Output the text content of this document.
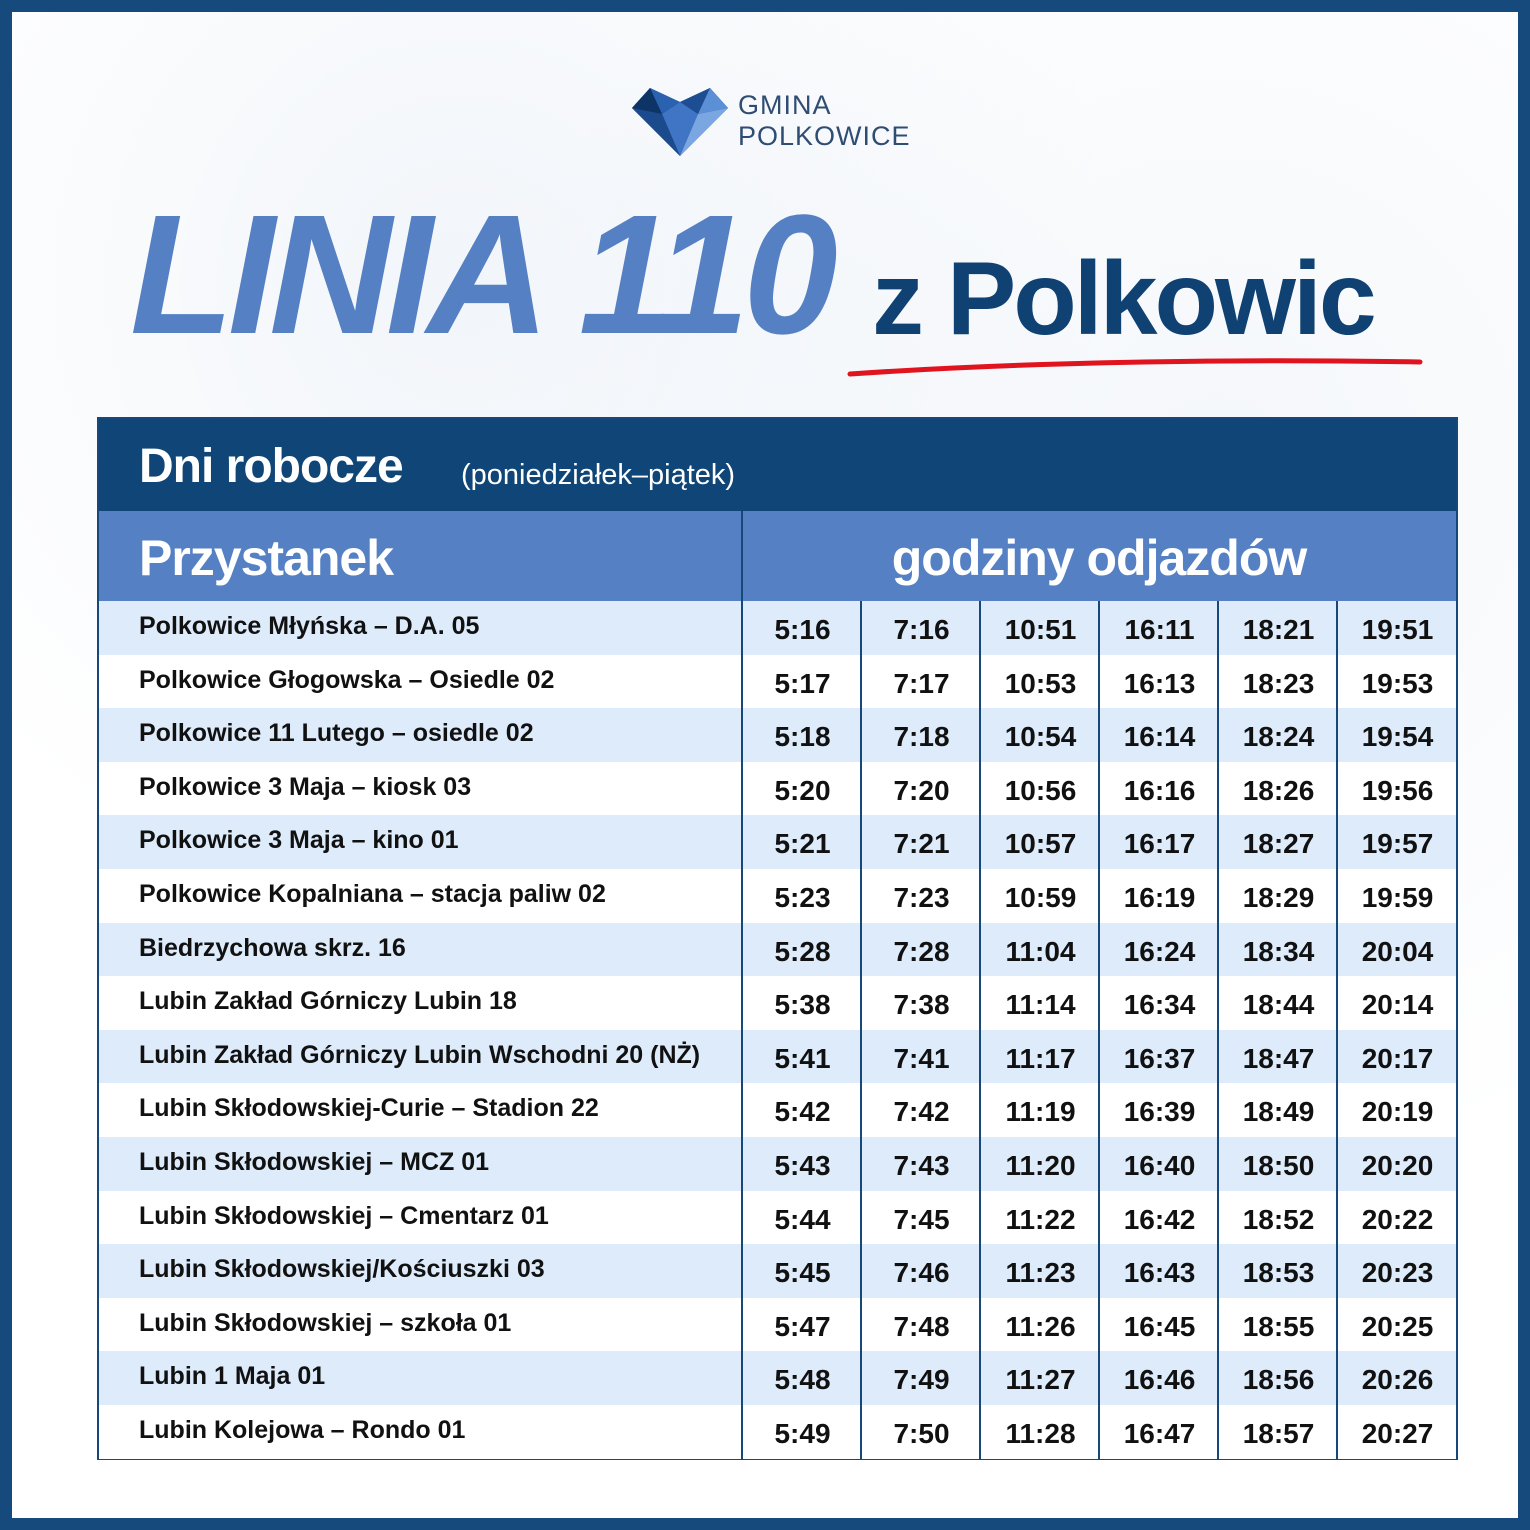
GMINA
POLKOWICE
LINIA 110 z Polkowic
Dni robocze (poniedziałek–piątek)
Przystanek	godziny odjazdów
Polkowice Młyńska – D.A. 05	5:16	7:16	10:51	16:11	18:21	19:51
Polkowice Głogowska – Osiedle 02	5:17	7:17	10:53	16:13	18:23	19:53
Polkowice 11 Lutego – osiedle 02	5:18	7:18	10:54	16:14	18:24	19:54
Polkowice 3 Maja – kiosk 03	5:20	7:20	10:56	16:16	18:26	19:56
Polkowice 3 Maja – kino 01	5:21	7:21	10:57	16:17	18:27	19:57
Polkowice Kopalniana – stacja paliw 02	5:23	7:23	10:59	16:19	18:29	19:59
Biedrzychowa skrz. 16	5:28	7:28	11:04	16:24	18:34	20:04
Lubin Zakład Górniczy Lubin 18	5:38	7:38	11:14	16:34	18:44	20:14
Lubin Zakład Górniczy Lubin Wschodni 20 (NŻ)	5:41	7:41	11:17	16:37	18:47	20:17
Lubin Skłodowskiej-Curie – Stadion 22	5:42	7:42	11:19	16:39	18:49	20:19
Lubin Skłodowskiej – MCZ 01	5:43	7:43	11:20	16:40	18:50	20:20
Lubin Skłodowskiej – Cmentarz 01	5:44	7:45	11:22	16:42	18:52	20:22
Lubin Skłodowskiej/Kościuszki 03	5:45	7:46	11:23	16:43	18:53	20:23
Lubin Skłodowskiej – szkoła 01	5:47	7:48	11:26	16:45	18:55	20:25
Lubin 1 Maja 01	5:48	7:49	11:27	16:46	18:56	20:26
Lubin Kolejowa – Rondo 01	5:49	7:50	11:28	16:47	18:57	20:27
